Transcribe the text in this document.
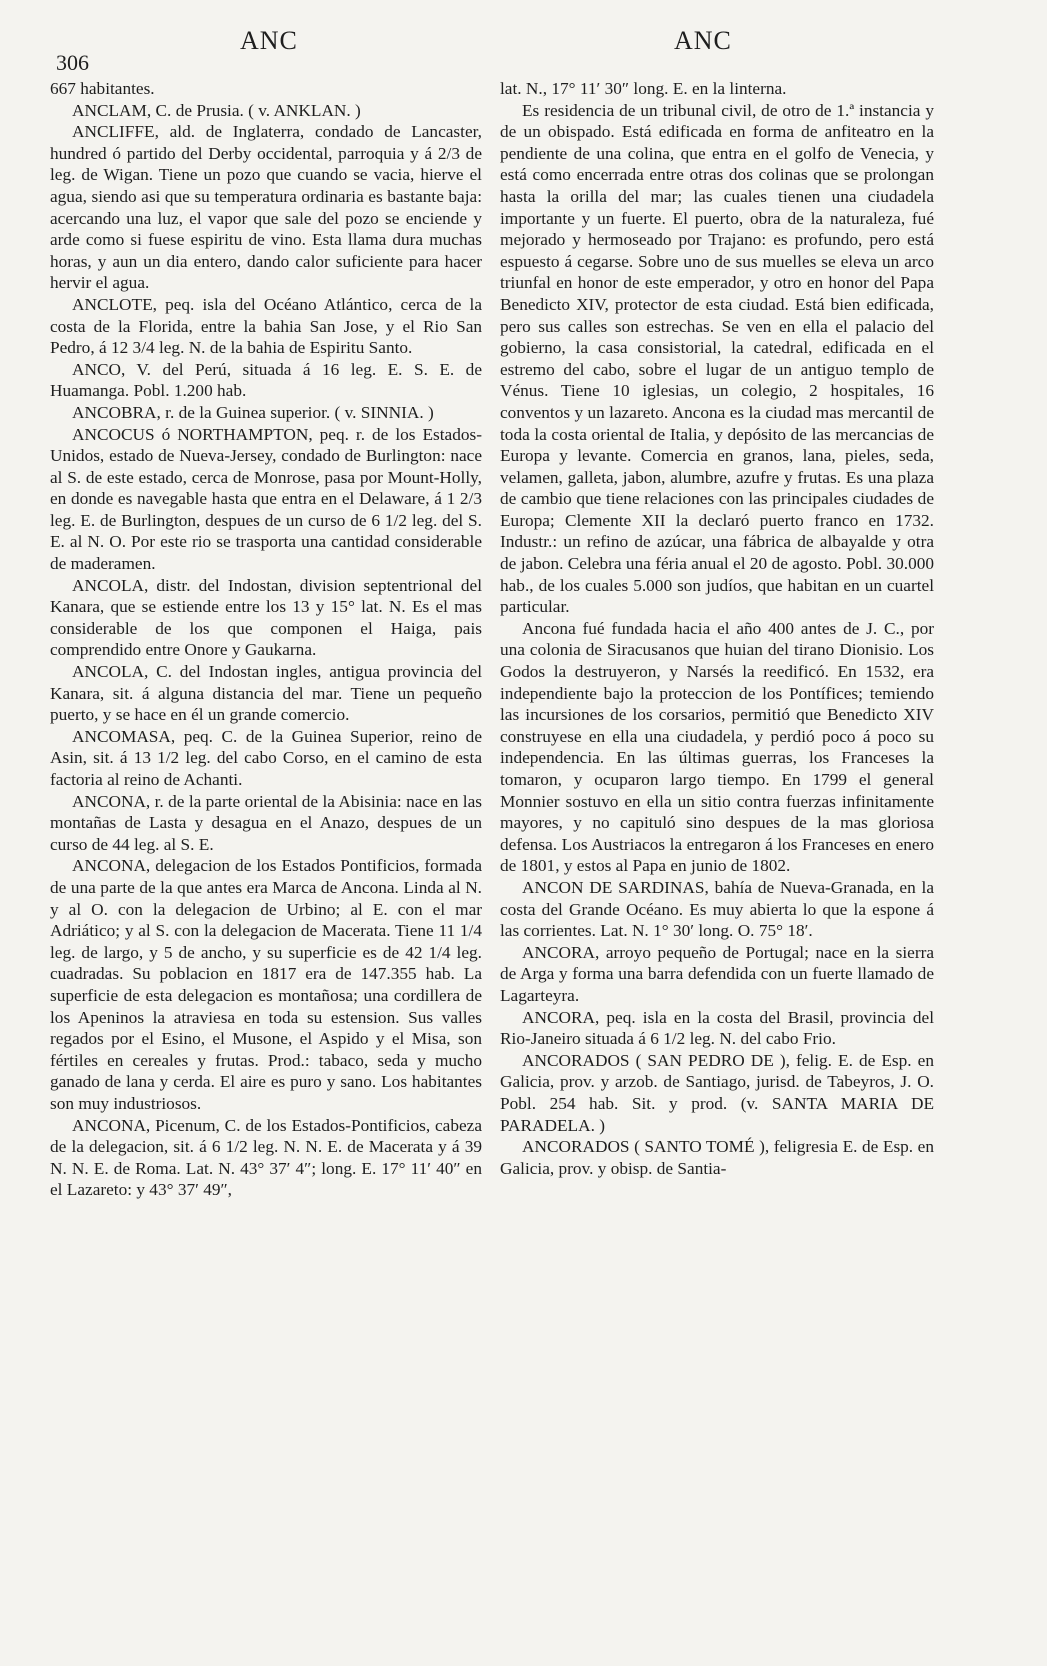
306
ANC	ANC

667 habitantes.

ANCLAM, C. de Prusia. ( v. ANKLAN. )

ANCLIFFE, ald. de Inglaterra, condado de Lancaster, hundred ó partido del Derby occidental, parroquia y á 2/3 de leg. de Wigan. Tiene un pozo que cuando se vacia, hierve el agua, siendo asi que su temperatura ordinaria es bastante baja: acercando una luz, el vapor que sale del pozo se enciende y arde como si fuese espiritu de vino. Esta llama dura muchas horas, y aun un dia entero, dando calor suficiente para hacer hervir el agua.

ANCLOTE, peq. isla del Océano Atlántico, cerca de la costa de la Florida, entre la bahia San Jose, y el Rio San Pedro, á 12 3/4 leg. N. de la bahia de Espiritu Santo.

ANCO, V. del Perú, situada á 16 leg. E. S. E. de Huamanga. Pobl. 1.200 hab.

ANCOBRA, r. de la Guinea superior. ( v. SINNIA. )

ANCOCUS ó NORTHAMPTON, peq. r. de los Estados-Unidos, estado de Nueva-Jersey, condado de Burlington: nace al S. de este estado, cerca de Monrose, pasa por Mount-Holly, en donde es navegable hasta que entra en el Delaware, á 1 2/3 leg. E. de Burlington, despues de un curso de 6 1/2 leg. del S. E. al N. O. Por este rio se trasporta una cantidad considerable de maderamen.

ANCOLA, distr. del Indostan, division septentrional del Kanara, que se estiende entre los 13 y 15° lat. N. Es el mas considerable de los que componen el Haiga, pais comprendido entre Onore y Gaukarna.

ANCOLA, C. del Indostan ingles, antigua provincia del Kanara, sit. á alguna distancia del mar. Tiene un pequeño puerto, y se hace en él un grande comercio.

ANCOMASA, peq. C. de la Guinea Superior, reino de Asin, sit. á 13 1/2 leg. del cabo Corso, en el camino de esta factoria al reino de Achanti.

ANCONA, r. de la parte oriental de la Abisinia: nace en las montañas de Lasta y desagua en el Anazo, despues de un curso de 44 leg. al S. E.

ANCONA, delegacion de los Estados Pontificios, formada de una parte de la que antes era Marca de Ancona. Linda al N. y al O. con la delegacion de Urbino; al E. con el mar Adriático; y al S. con la delegacion de Macerata. Tiene 11 1/4 leg. de largo, y 5 de ancho, y su superficie es de 42 1/4 leg. cuadradas. Su poblacion en 1817 era de 147.355 hab. La superficie de esta delegacion es montañosa; una cordillera de los Apeninos la atraviesa en toda su estension. Sus valles regados por el Esino, el Musone, el Aspido y el Misa, son fértiles en cereales y frutas. Prod.: tabaco, seda y mucho ganado de lana y cerda. El aire es puro y sano. Los habitantes son muy industriosos.

ANCONA, Picenum, C. de los Estados-Pontificios, cabeza de la delegacion, sit. á 6 1/2 leg. N. N. E. de Macerata y á 39 N. N. E. de Roma. Lat. N. 43° 37′ 4″; long. E. 17° 11′ 40″ en el Lazareto: y 43° 37′ 49″,

lat. N., 17° 11′ 30″ long. E. en la linterna.

Es residencia de un tribunal civil, de otro de 1.ª instancia y de un obispado. Está edificada en forma de anfiteatro en la pendiente de una colina, que entra en el golfo de Venecia, y está como encerrada entre otras dos colinas que se prolongan hasta la orilla del mar; las cuales tienen una ciudadela importante y un fuerte. El puerto, obra de la naturaleza, fué mejorado y hermoseado por Trajano: es profundo, pero está espuesto á cegarse. Sobre uno de sus muelles se eleva un arco triunfal en honor de este emperador, y otro en honor del Papa Benedicto XIV, protector de esta ciudad. Está bien edificada, pero sus calles son estrechas. Se ven en ella el palacio del gobierno, la casa consistorial, la catedral, edificada en el estremo del cabo, sobre el lugar de un antiguo templo de Vénus. Tiene 10 iglesias, un colegio, 2 hospitales, 16 conventos y un lazareto. Ancona es la ciudad mas mercantil de toda la costa oriental de Italia, y depósito de las mercancias de Europa y levante. Comercia en granos, lana, pieles, seda, velamen, galleta, jabon, alumbre, azufre y frutas. Es una plaza de cambio que tiene relaciones con las principales ciudades de Europa; Clemente XII la declaró puerto franco en 1732. Industr.: un refino de azúcar, una fábrica de albayalde y otra de jabon. Celebra una féria anual el 20 de agosto. Pobl. 30.000 hab., de los cuales 5.000 son judíos, que habitan en un cuartel particular.

Ancona fué fundada hacia el año 400 antes de J. C., por una colonia de Siracusanos que huian del tirano Dionisio. Los Godos la destruyeron, y Narsés la reedificó. En 1532, era independiente bajo la proteccion de los Pontífices; temiendo las incursiones de los corsarios, permitió que Benedicto XIV construyese en ella una ciudadela, y perdió poco á poco su independencia. En las últimas guerras, los Franceses la tomaron, y ocuparon largo tiempo. En 1799 el general Monnier sostuvo en ella un sitio contra fuerzas infinitamente mayores, y no capituló sino despues de la mas gloriosa defensa. Los Austriacos la entregaron á los Franceses en enero de 1801, y estos al Papa en junio de 1802.

ANCON DE SARDINAS, bahía de Nueva-Granada, en la costa del Grande Océano. Es muy abierta lo que la espone á las corrientes. Lat. N. 1° 30′ long. O. 75° 18′.

ANCORA, arroyo pequeño de Portugal; nace en la sierra de Arga y forma una barra defendida con un fuerte llamado de Lagarteyra.

ANCORA, peq. isla en la costa del Brasil, provincia del Rio-Janeiro situada á 6 1/2 leg. N. del cabo Frio.

ANCORADOS ( SAN PEDRO DE ), felig. E. de Esp. en Galicia, prov. y arzob. de Santiago, jurisd. de Tabeyros, J. O. Pobl. 254 hab. Sit. y prod. (v. SANTA MARIA DE PARADELA. )

ANCORADOS ( SANTO TOMÉ ), feligresia E. de Esp. en Galicia, prov. y obisp. de Santia-
